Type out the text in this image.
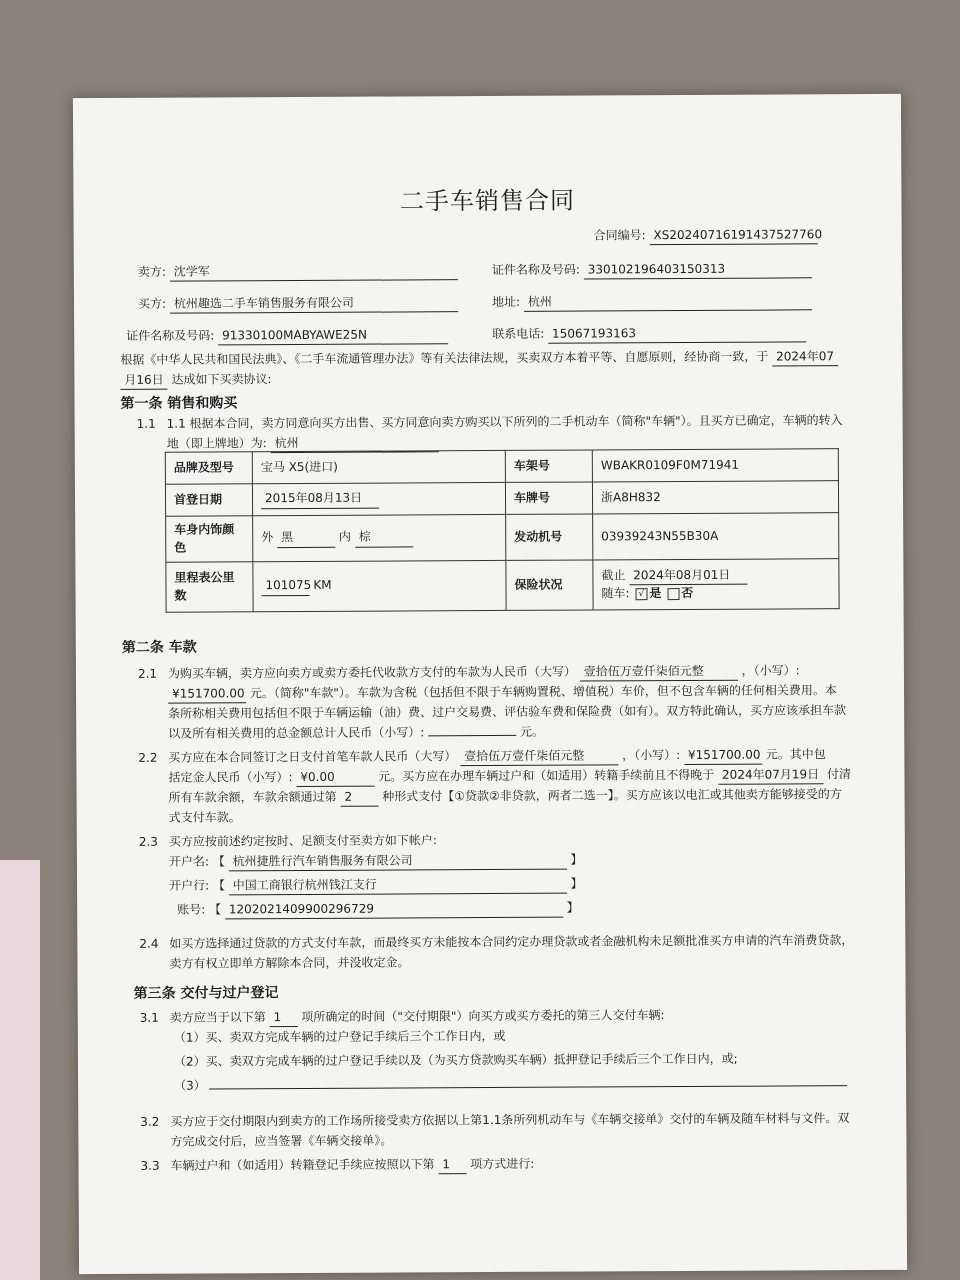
二手车销售合同
合同编号: XS20240716191437527760
卖方: 沈学军	证件名称及号码: 330102196403150313
买方: 杭州趣选二手车销售服务有限公司	地址: 杭州
证件名称及号码: 91330100MABYAWE25N	联系电话: 15067193163
根据《中华人民共和国民法典》、《二手车流通管理办法》等有关法律法规，买卖双方本着平等、自愿原则，经协商一致，于 2024年07
月16日 达成如下买卖协议:
第一条 销售和购买
1.1 1.1 根据本合同，卖方同意向买方出售、买方同意向卖方购买以下所列的二手机动车（简称"车辆"）。且买方已确定，车辆的转入
地（即上牌地）为: 杭州
品牌及型号	宝马 X5(进口)	车架号	WBAKR0109F0M71941
首登日期	2015年08月13日	车牌号	浙A8H832
车身内饰颜色	外 黑 内 棕	发动机号	03939243N55B30A
里程表公里数	101075 KM	保险状况	截止 2024年08月01日
随车: √ 是 否
第二条 车款
2.1 为购买车辆，卖方应向卖方或卖方委托代收款方支付的车款为人民币（大写） 壹拾伍万壹仟柒佰元整	，（小写）:
¥151700.00 元。（简称"车款"）。车款为含税（包括但不限于车辆购置税、增值税）车价，但不包含车辆的任何相关费用。本
条所称相关费用包括但不限于车辆运输（油）费、过户交易费、评估验车费和保险费（如有）。双方特此确认，买方应该承担车款
以及所有相关费用的总金额总计人民币（小写）:	元。
2.2 买方应在本合同签订之日支付首笔车款人民币（大写） 壹拾伍万壹仟柒佰元整	，（小写）: ¥151700.00 元。其中包
括定金人民币（小写）: ¥0.00	元。买方应在办理车辆过户和（如适用）转籍手续前且不得晚于 2024年07月19日 付清
所有车款余额，车款余额通过第 2	种形式支付【①贷款②非贷款，两者二选一】。买方应该以电汇或其他卖方能够接受的方
式支付车款。
2.3 买方应按前述约定按时、足额支付至卖方如下帐户:
开户名: 【 杭州捷胜行汽车销售服务有限公司	】
开户行: 【 中国工商银行杭州钱江支行	】
账号: 【 1202021409900296729	】
2.4 如买方选择通过贷款的方式支付车款，而最终买方未能按本合同约定办理贷款或者金融机构未足额批准买方申请的汽车消费贷款，
卖方有权立即单方解除本合同，并没收定金。
第三条 交付与过户登记
3.1 卖方应当于以下第 1 项所确定的时间（"交付期限"）向买方或买方委托的第三人交付车辆:
（1）买、卖双方完成车辆的过户登记手续后三个工作日内，或
（2）买、卖双方完成车辆的过户登记手续以及（为买方贷款购买车辆）抵押登记手续后三个工作日内，或;
（3）
3.2 买方应于交付期限内到卖方的工作场所接受卖方依据以上第1.1条所列机动车与《车辆交接单》交付的车辆及随车材料与文件。双
方完成交付后，应当签署《车辆交接单》。
3.3 车辆过户和（如适用）转籍登记手续应按照以下第 1 项方式进行:
